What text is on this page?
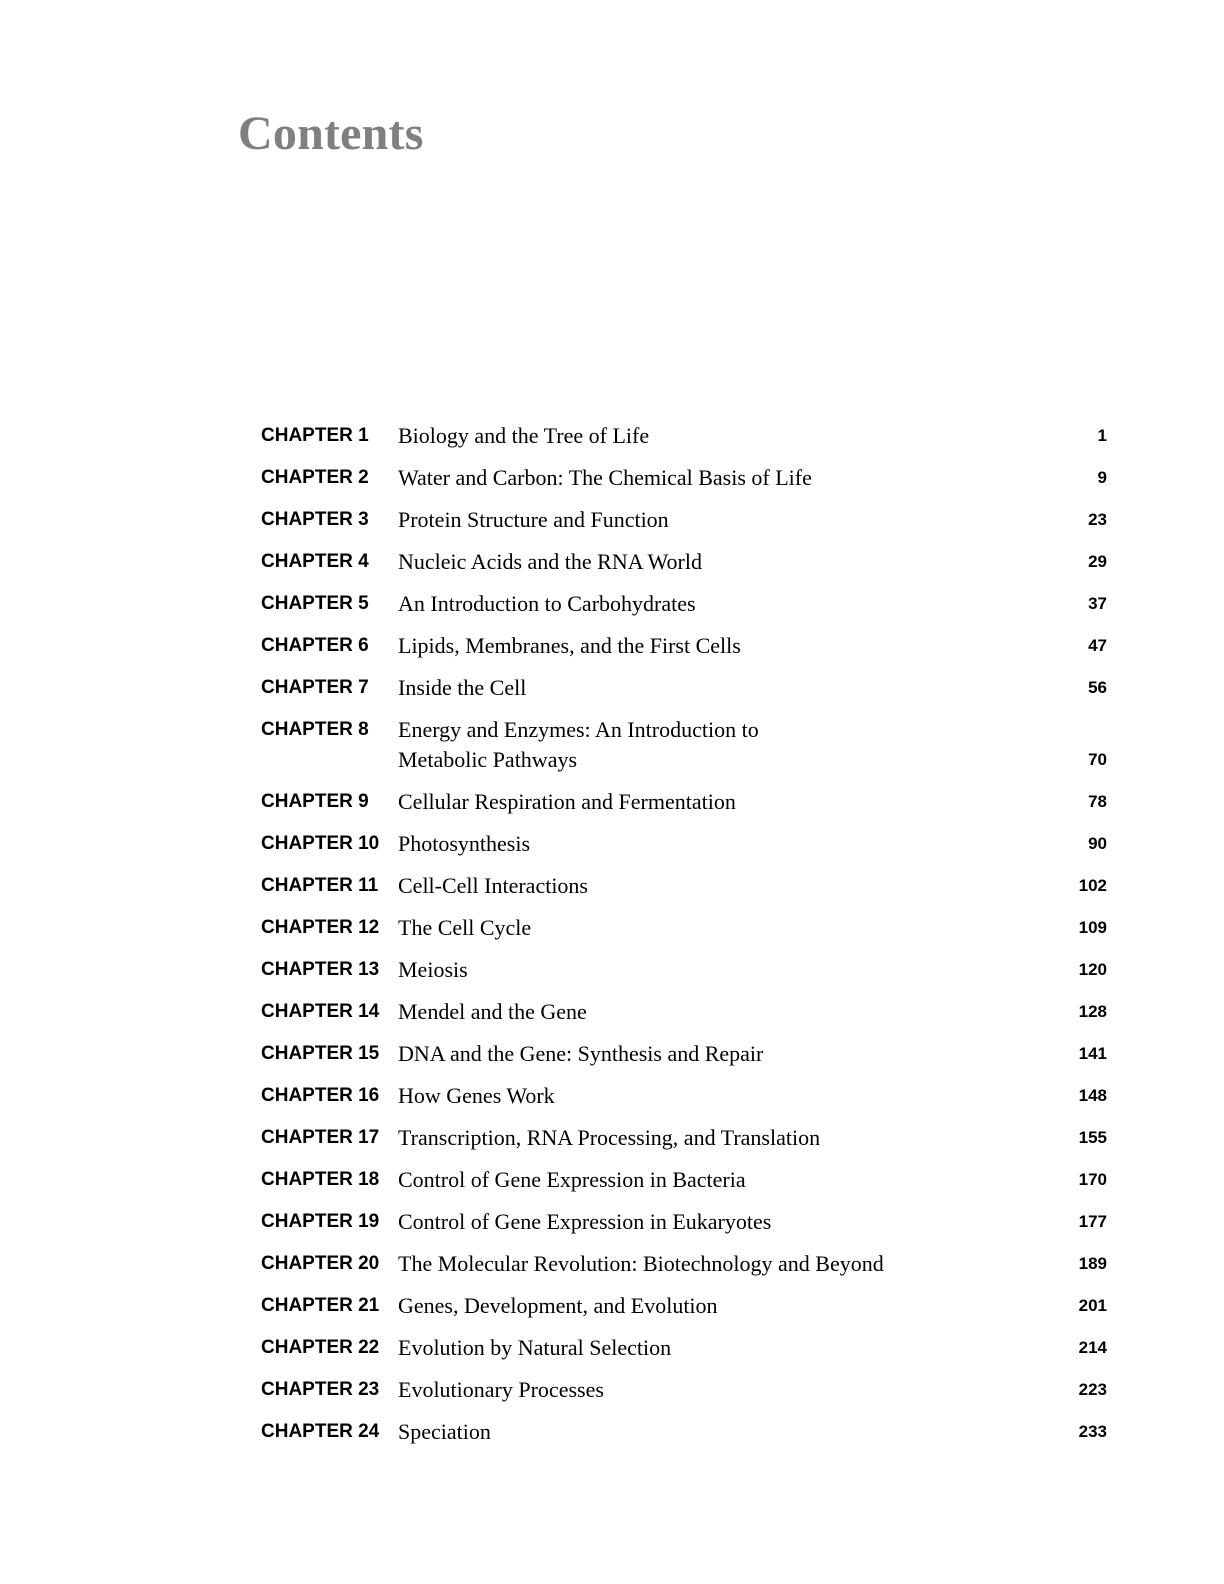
Contents
CHAPTER 1	Biology and the Tree of Life	1
CHAPTER 2	Water and Carbon: The Chemical Basis of Life	9
CHAPTER 3	Protein Structure and Function	23
CHAPTER 4	Nucleic Acids and the RNA World	29
CHAPTER 5	An Introduction to Carbohydrates	37
CHAPTER 6	Lipids, Membranes, and the First Cells	47
CHAPTER 7	Inside the Cell	56
CHAPTER 8	Energy and Enzymes: An Introduction to
Metabolic Pathways	70
CHAPTER 9	Cellular Respiration and Fermentation	78
CHAPTER 10 Photosynthesis	90
CHAPTER 11 Cell-Cell Interactions	102
CHAPTER 12 The Cell Cycle	109
CHAPTER 13 Meiosis	120
CHAPTER 14 Mendel and the Gene	128
CHAPTER 15 DNA and the Gene: Synthesis and Repair	141
CHAPTER 16 How Genes Work	148
CHAPTER 17 Transcription, RNA Processing, and Translation	155
CHAPTER 18 Control of Gene Expression in Bacteria	170
CHAPTER 19 Control of Gene Expression in Eukaryotes	177
CHAPTER 20 The Molecular Revolution: Biotechnology and Beyond	189
CHAPTER 21 Genes, Development, and Evolution	201
CHAPTER 22 Evolution by Natural Selection	214
CHAPTER 23 Evolutionary Processes	223
CHAPTER 24 Speciation	233
